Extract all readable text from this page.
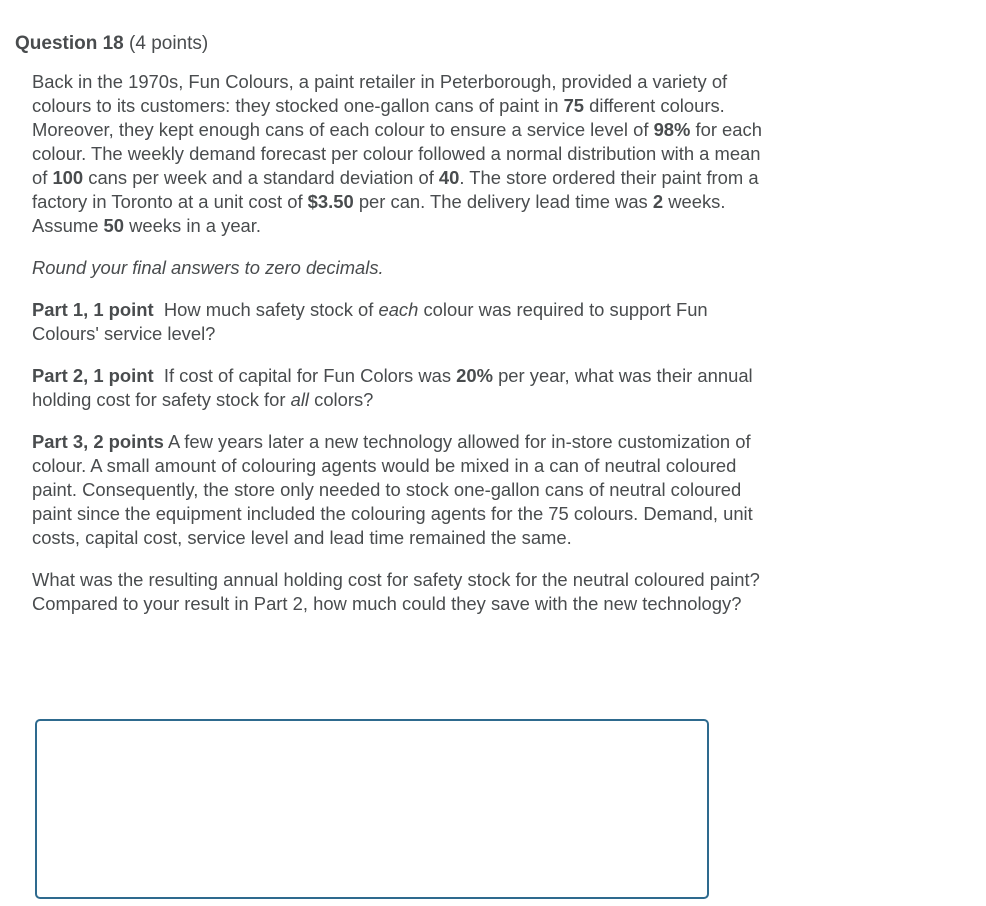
Question 18 (4 points)

Back in the 1970s, Fun Colours, a paint retailer in Peterborough, provided a variety of colours to its customers: they stocked one-gallon cans of paint in 75 different colours. Moreover, they kept enough cans of each colour to ensure a service level of 98% for each colour. The weekly demand forecast per colour followed a normal distribution with a mean of 100 cans per week and a standard deviation of 40. The store ordered their paint from a factory in Toronto at a unit cost of $3.50 per can. The delivery lead time was 2 weeks. Assume 50 weeks in a year.

Round your final answers to zero decimals.

Part 1, 1 point  How much safety stock of each colour was required to support Fun Colours' service level?

Part 2, 1 point  If cost of capital for Fun Colors was 20% per year, what was their annual holding cost for safety stock for all colors?

Part 3, 2 points A few years later a new technology allowed for in-store customization of colour. A small amount of colouring agents would be mixed in a can of neutral coloured paint. Consequently, the store only needed to stock one-gallon cans of neutral coloured paint since the equipment included the colouring agents for the 75 colours. Demand, unit costs, capital cost, service level and lead time remained the same.

What was the resulting annual holding cost for safety stock for the neutral coloured paint? Compared to your result in Part 2, how much could they save with the new technology?
